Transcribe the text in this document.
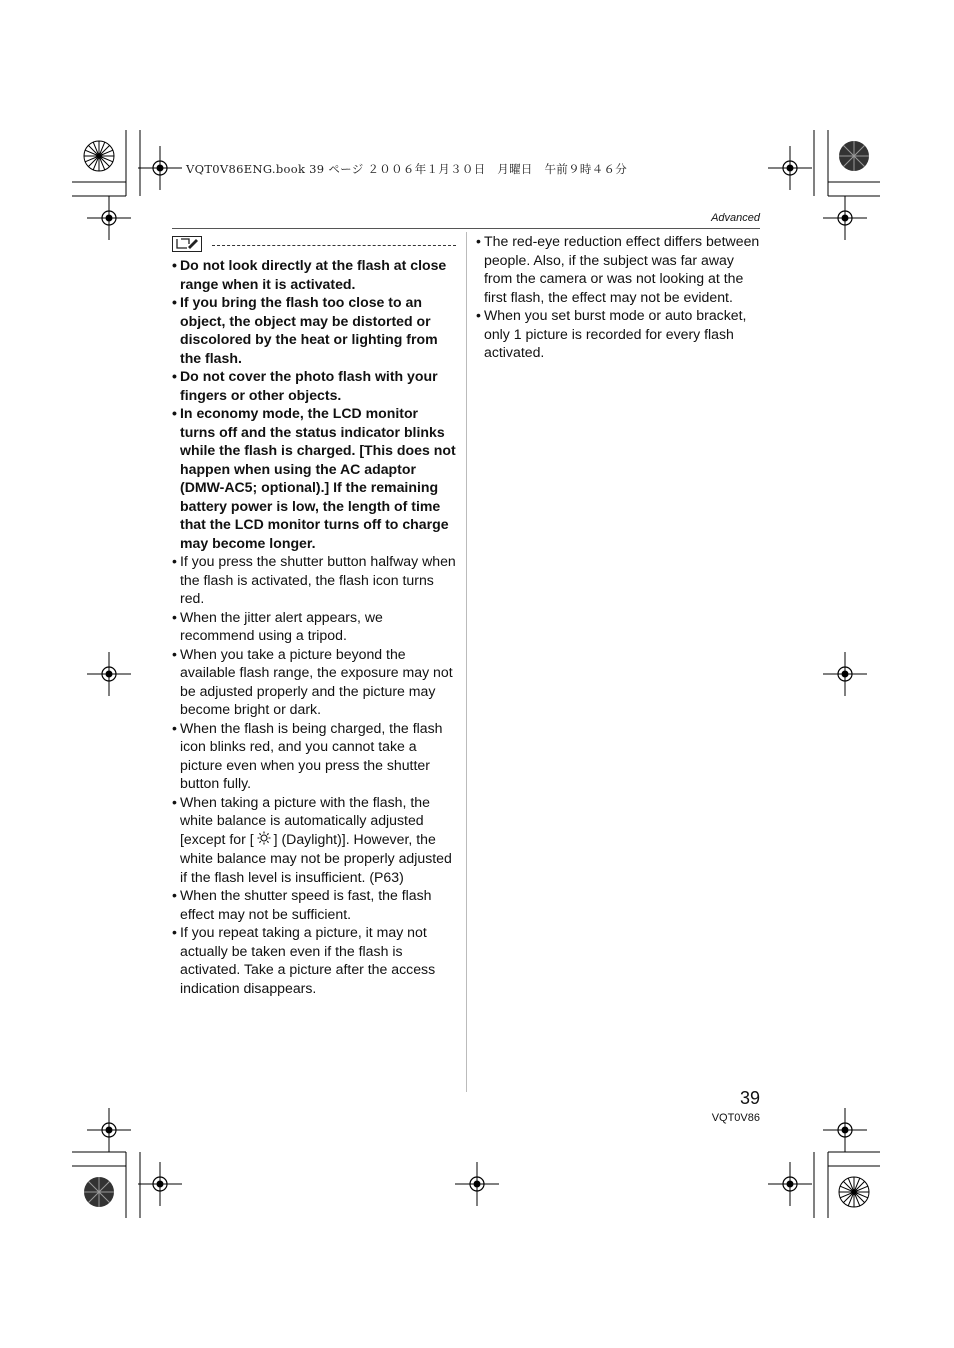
VQT0V86ENG.book 39 ページ ２００６年１月３０日　月曜日　午前９時４６分
Advanced
• Do not look directly at the flash at close range when it is activated.
• If you bring the flash too close to an object, the object may be distorted or discolored by the heat or lighting from the flash.
• Do not cover the photo flash with your fingers or other objects.
• In economy mode, the LCD monitor turns off and the status indicator blinks while the flash is charged. [This does not happen when using the AC adaptor (DMW-AC5; optional).] If the remaining battery power is low, the length of time that the LCD monitor turns off to charge may become longer.
• If you press the shutter button halfway when the flash is activated, the flash icon turns red.
• When the jitter alert appears, we recommend using a tripod.
• When you take a picture beyond the available flash range, the exposure may not be adjusted properly and the picture may become bright or dark.
• When the flash is being charged, the flash icon blinks red, and you cannot take a picture even when you press the shutter button fully.
• When taking a picture with the flash, the white balance is automatically adjusted [except for [ ] (Daylight)]. However, the white balance may not be properly adjusted if the flash level is insufficient. (P63)
• When the shutter speed is fast, the flash effect may not be sufficient.
• If you repeat taking a picture, it may not actually be taken even if the flash is activated. Take a picture after the access indication disappears.
• The red-eye reduction effect differs between people. Also, if the subject was far away from the camera or was not looking at the first flash, the effect may not be evident.
• When you set burst mode or auto bracket, only 1 picture is recorded for every flash activated.
39
VQT0V86
